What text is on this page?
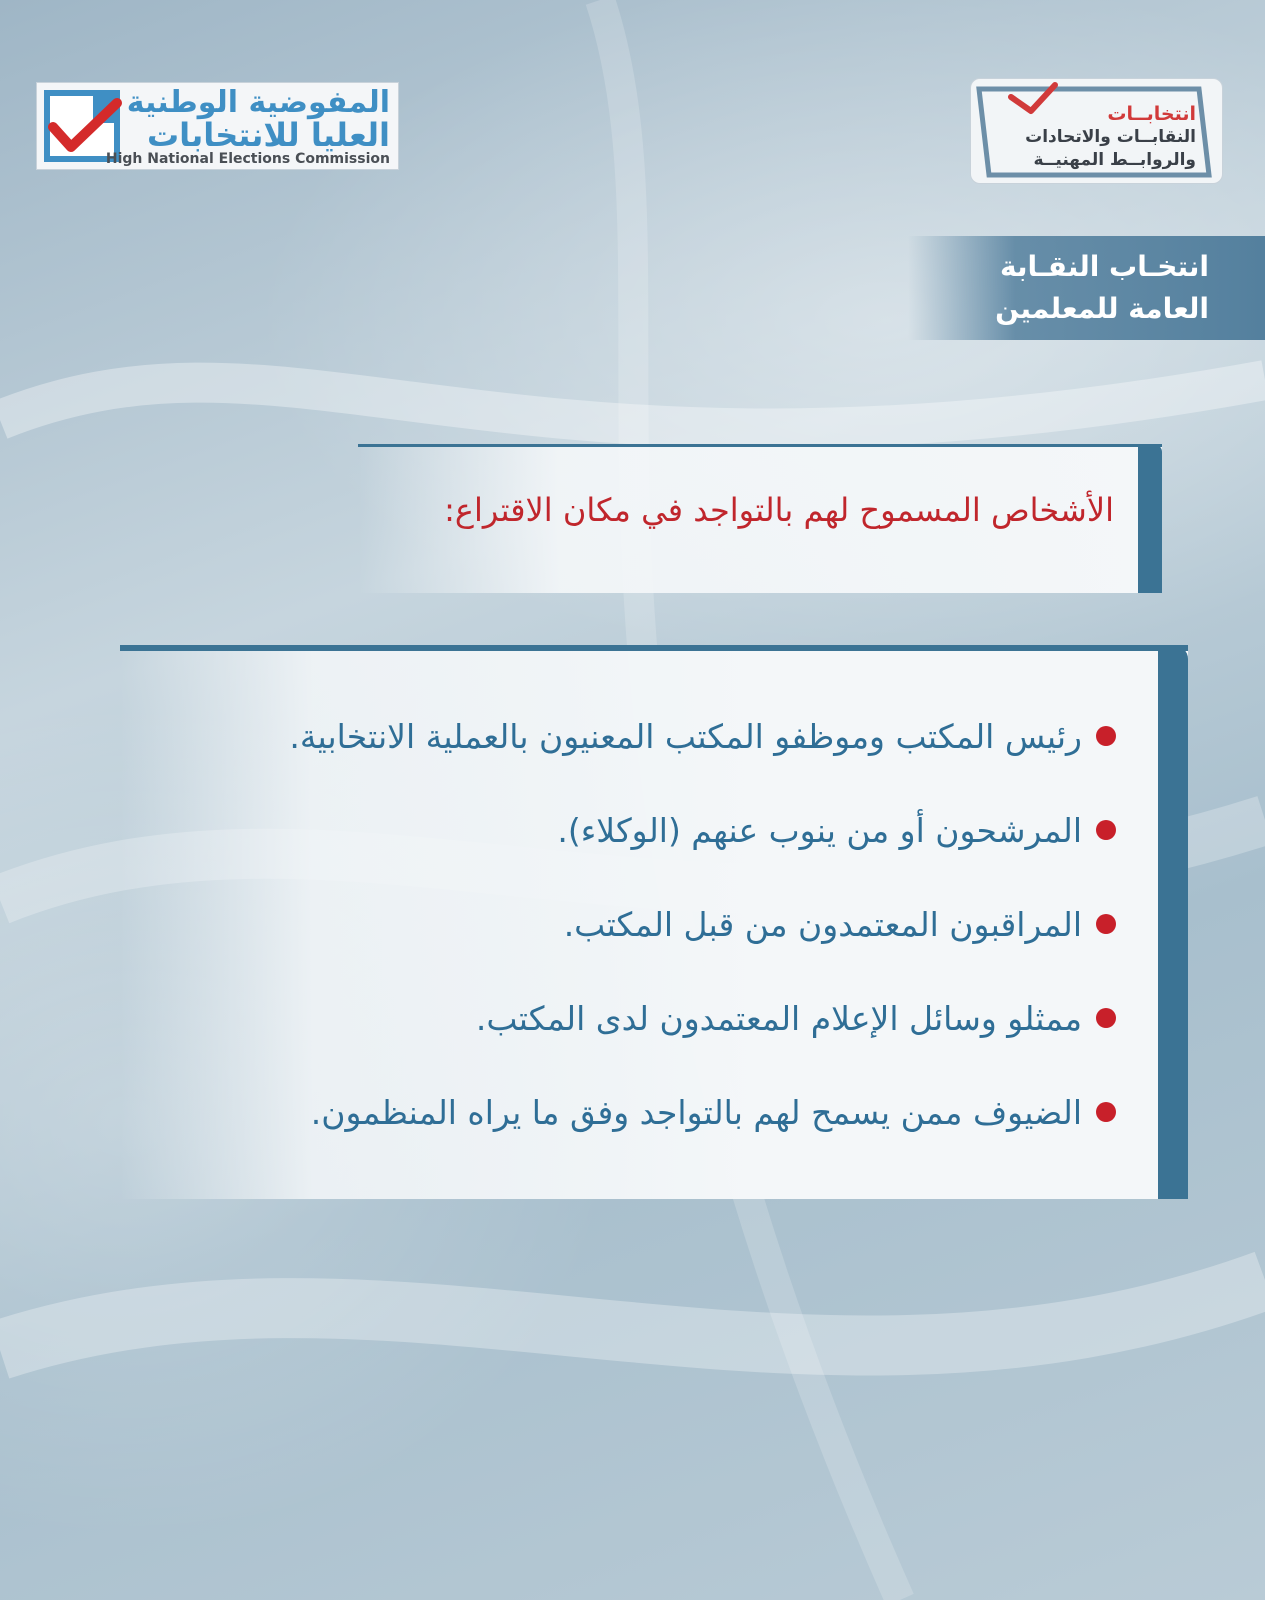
المفوضية الوطنية
العليا للانتخابات
High National Elections Commission
انتخابــات
النقابــات والاتحادات
والروابــط المهنيــة
انتخـاب النقـابة
العامة للمعلمين
الأشخاص المسموح لهم بالتواجد في مكان الاقتراع:
رئيس المكتب وموظفو المكتب المعنيون بالعملية الانتخابية.
المرشحون أو من ينوب عنهم (الوكلاء).
المراقبون المعتمدون من قبل المكتب.
ممثلو وسائل الإعلام المعتمدون لدى المكتب.
الضيوف ممن يسمح لهم بالتواجد وفق ما يراه المنظمون.
